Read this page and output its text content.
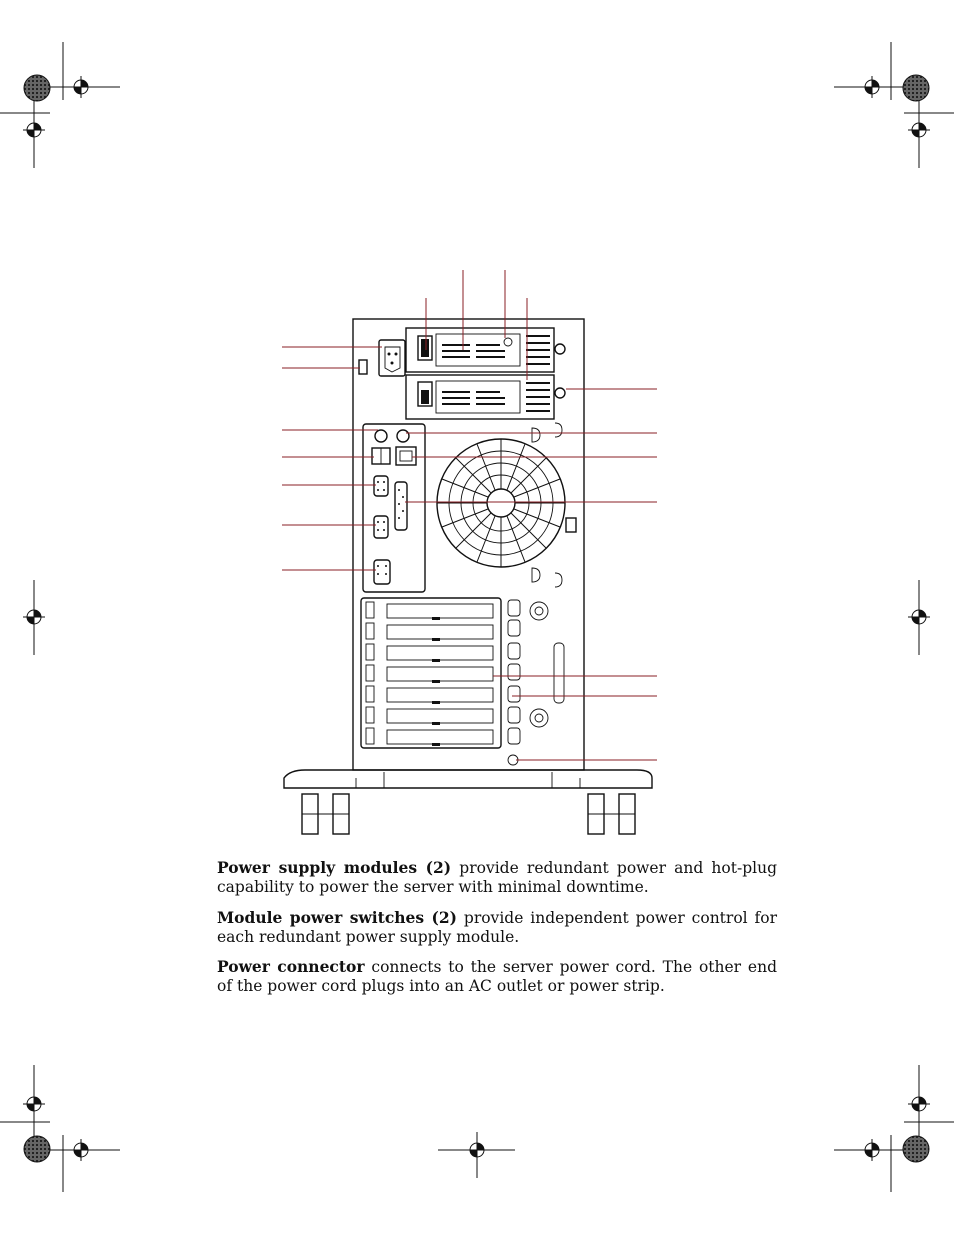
Power supply modules (2) provide redundant power and hot-plug capability to power the server with minimal downtime.

Module power switches (2) provide independent power control for each redundant power supply module.

Power connector connects to the server power cord. The other end of the power cord plugs into an AC outlet or power strip.
